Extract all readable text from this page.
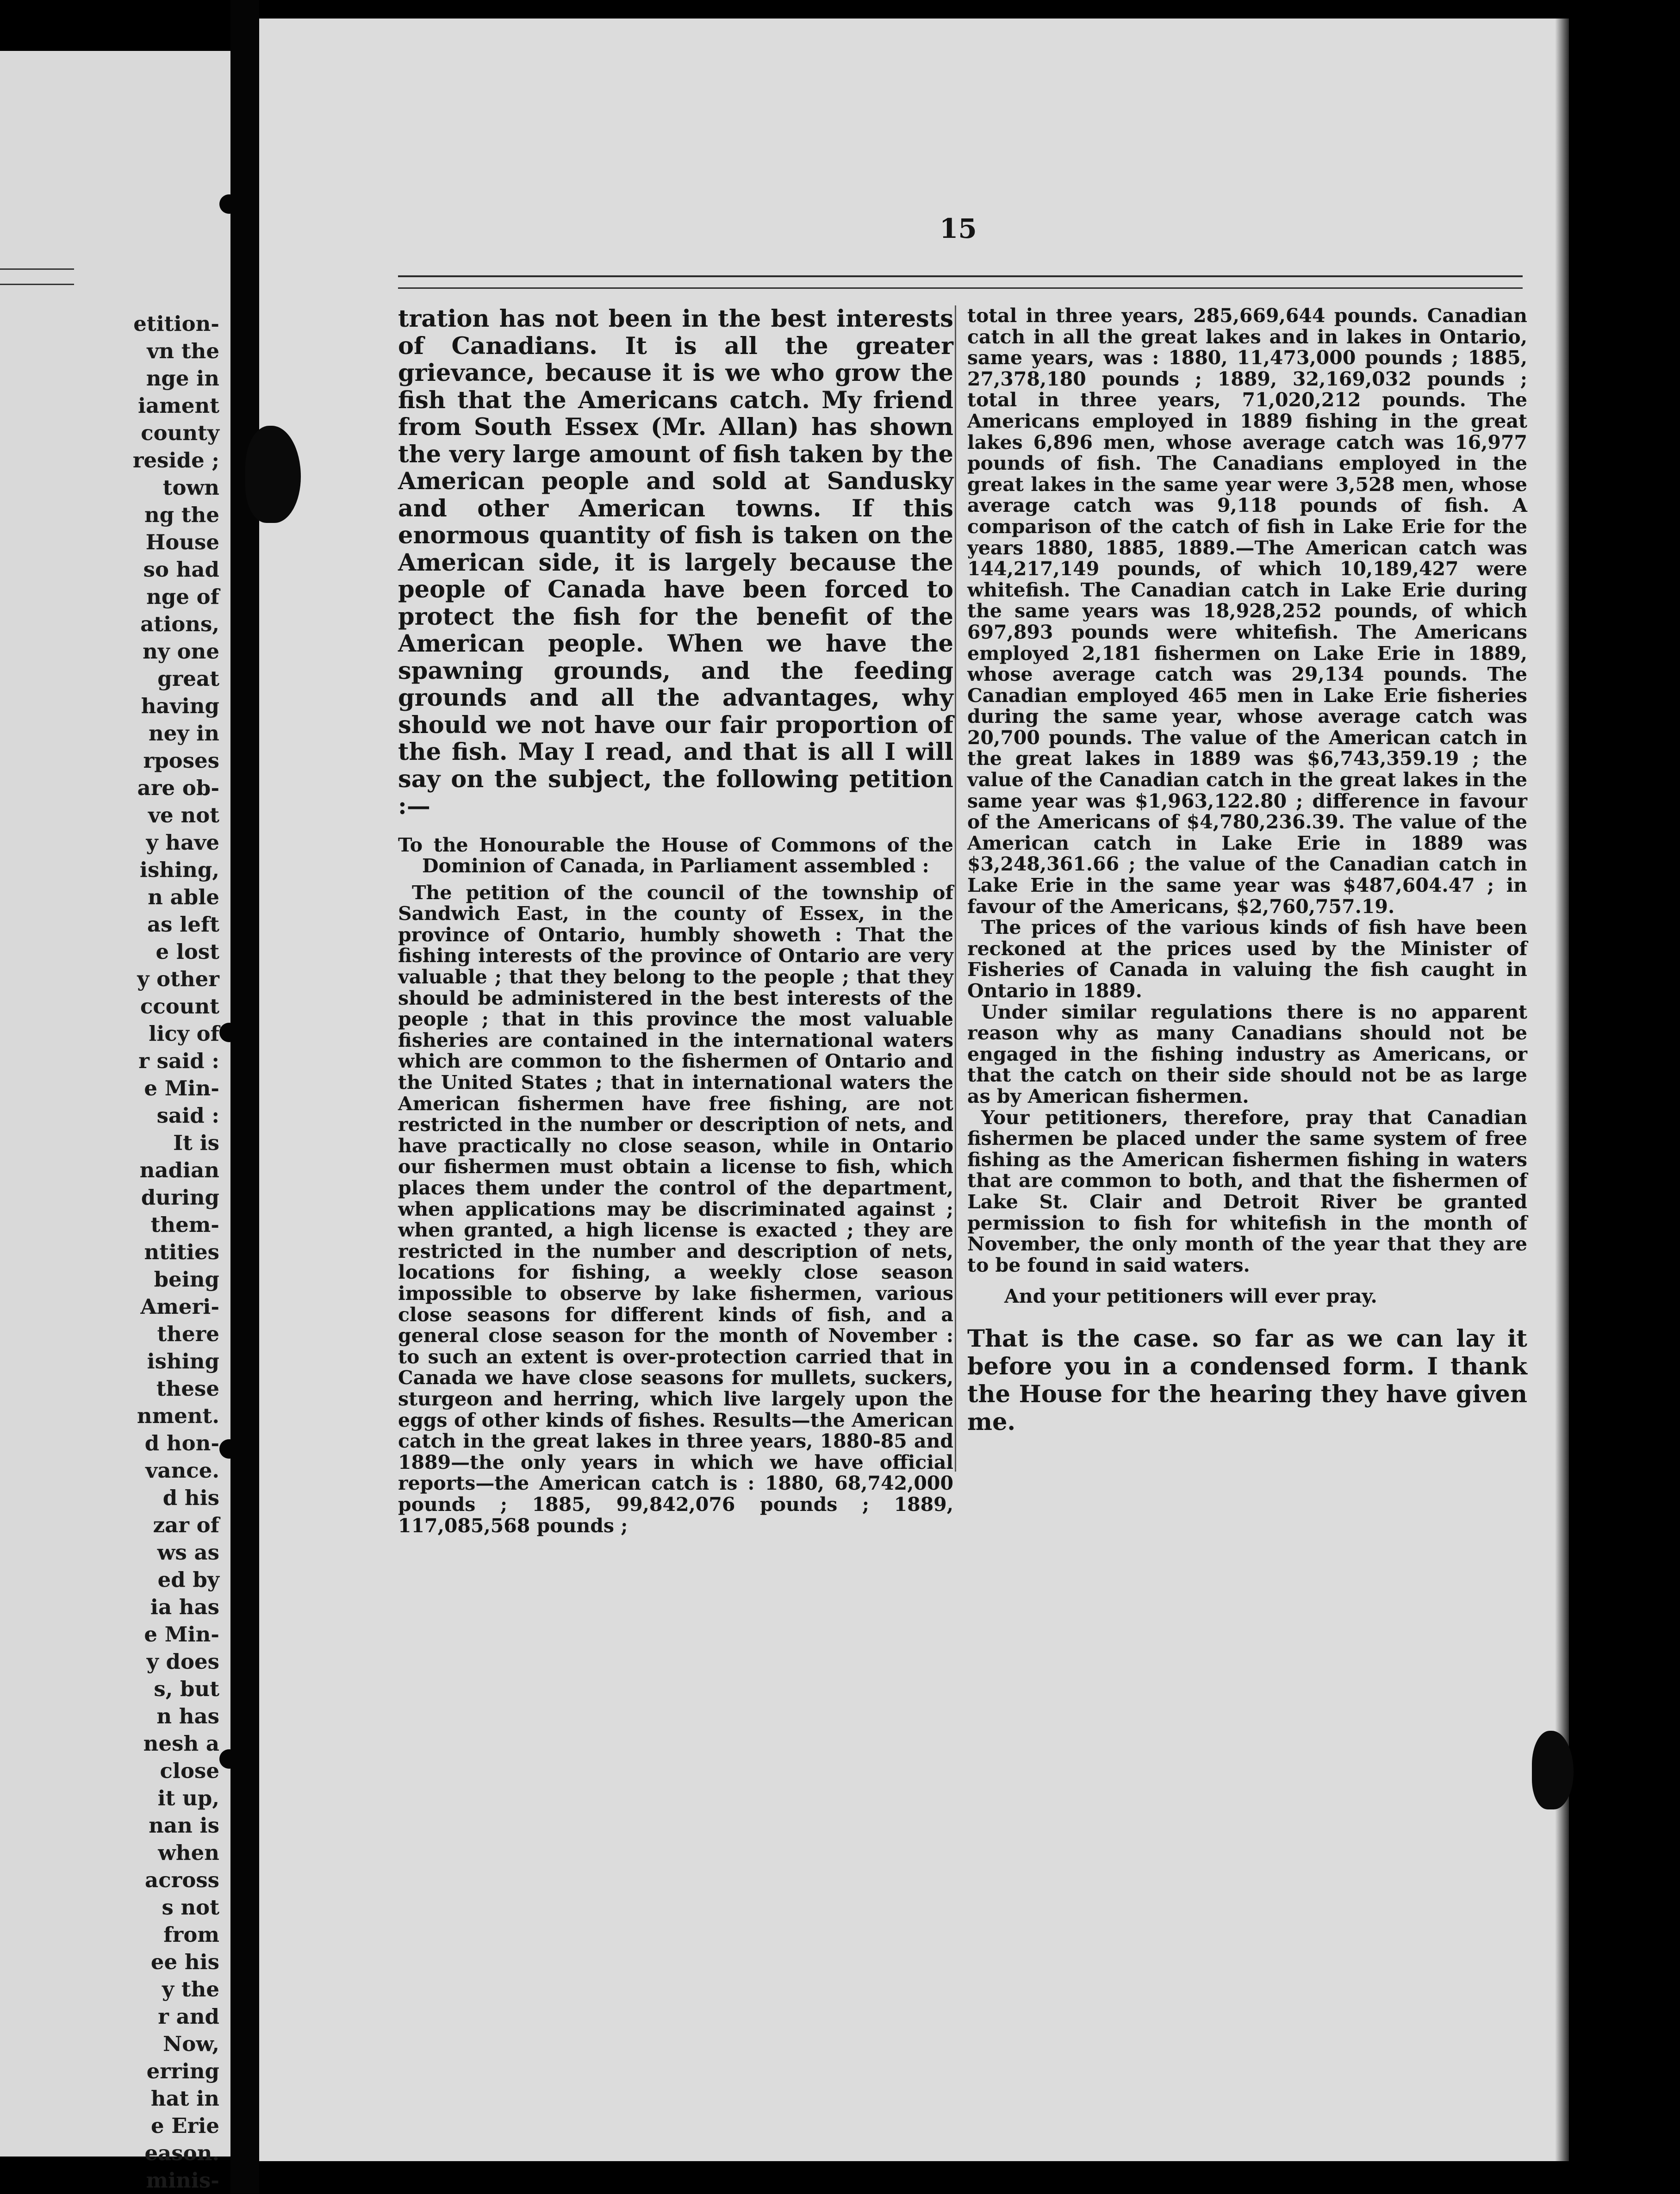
etition-
vn the
nge in
iament
county
reside ;
town
ng the
House
so had
nge of
ations,
ny one
great
having
ney in
rposes
are ob-
ve not
y have
ishing,
n able
as left
e lost
y other
ccount
licy of
r said :
e Min-
said :
It is
nadian
during
them-
ntities
being
Ameri-
there
ishing
these
nment.
d hon-
vance.
d his
zar of
ws as
ed by
ia has
e Min-
y does
s, but
n has
nesh a
close
it up,
nan is
when
across
s not
from
ee his
y the
r and
Now,
erring
hat in
e Erie
eason.
minis-
15

tration has not been in the best interests of Canadians. It is all the greater grievance, because it is we who grow the fish that the Americans catch. My friend from South Essex (Mr. Allan) has shown the very large amount of fish taken by the American people and sold at Sandusky and other American towns. If this enormous quantity of fish is taken on the American side, it is largely because the people of Canada have been forced to protect the fish for the benefit of the American people. When we have the spawning grounds, and the feeding grounds and all the advantages, why should we not have our fair proportion of the fish. May I read, and that is all I will say on the subject, the following petition :—

To the Honourable the House of Commons of the Dominion of Canada, in Parliament assembled :

The petition of the council of the township of Sandwich East, in the county of Essex, in the province of Ontario, humbly showeth : That the fishing interests of the province of Ontario are very valuable ; that they belong to the people ; that they should be administered in the best interests of the people ; that in this province the most valuable fisheries are contained in the international waters which are common to the fishermen of Ontario and the United States ; that in international waters the American fishermen have free fishing, are not restricted in the number or description of nets, and have practically no close season, while in Ontario our fishermen must obtain a license to fish, which places them under the control of the department, when applications may be discriminated against ; when granted, a high license is exacted ; they are restricted in the number and description of nets, locations for fishing, a weekly close season impossible to observe by lake fishermen, various close seasons for different kinds of fish, and a general close season for the month of November : to such an extent is over-protection carried that in Canada we have close seasons for mullets, suckers, sturgeon and herring, which live largely upon the eggs of other kinds of fishes. Results—the American catch in the great lakes in three years, 1880-85 and 1889—the only years in which we have official reports—the American catch is : 1880, 68,742,000 pounds ; 1885, 99,842,076 pounds ; 1889, 117,085,568 pounds ;

total in three years, 285,669,644 pounds. Canadian catch in all the great lakes and in lakes in Ontario, same years, was : 1880, 11,473,000 pounds ; 1885, 27,378,180 pounds ; 1889, 32,169,032 pounds ; total in three years, 71,020,212 pounds. The Americans employed in 1889 fishing in the great lakes 6,896 men, whose average catch was 16,977 pounds of fish. The Canadians employed in the great lakes in the same year were 3,528 men, whose average catch was 9,118 pounds of fish. A comparison of the catch of fish in Lake Erie for the years 1880, 1885, 1889.—The American catch was 144,217,149 pounds, of which 10,189,427 were whitefish. The Canadian catch in Lake Erie during the same years was 18,928,252 pounds, of which 697,893 pounds were whitefish. The Americans employed 2,181 fishermen on Lake Erie in 1889, whose average catch was 29,134 pounds. The Canadian employed 465 men in Lake Erie fisheries during the same year, whose average catch was 20,700 pounds. The value of the American catch in the great lakes in 1889 was $6,743,359.19 ; the value of the Canadian catch in the great lakes in the same year was $1,963,122.80 ; difference in favour of the Americans of $4,780,236.39. The value of the American catch in Lake Erie in 1889 was $3,248,361.66 ; the value of the Canadian catch in Lake Erie in the same year was $487,604.47 ; in favour of the Americans, $2,760,757.19.

The prices of the various kinds of fish have been reckoned at the prices used by the Minister of Fisheries of Canada in valuing the fish caught in Ontario in 1889.

Under similar regulations there is no apparent reason why as many Canadians should not be engaged in the fishing industry as Americans, or that the catch on their side should not be as large as by American fishermen.

Your petitioners, therefore, pray that Canadian fishermen be placed under the same system of free fishing as the American fishermen fishing in waters that are common to both, and that the fishermen of Lake St. Clair and Detroit River be granted permission to fish for whitefish in the month of November, the only month of the year that they are to be found in said waters.

And your petitioners will ever pray.

That is the case. so far as we can lay it before you in a condensed form. I thank the House for the hearing they have given me.
